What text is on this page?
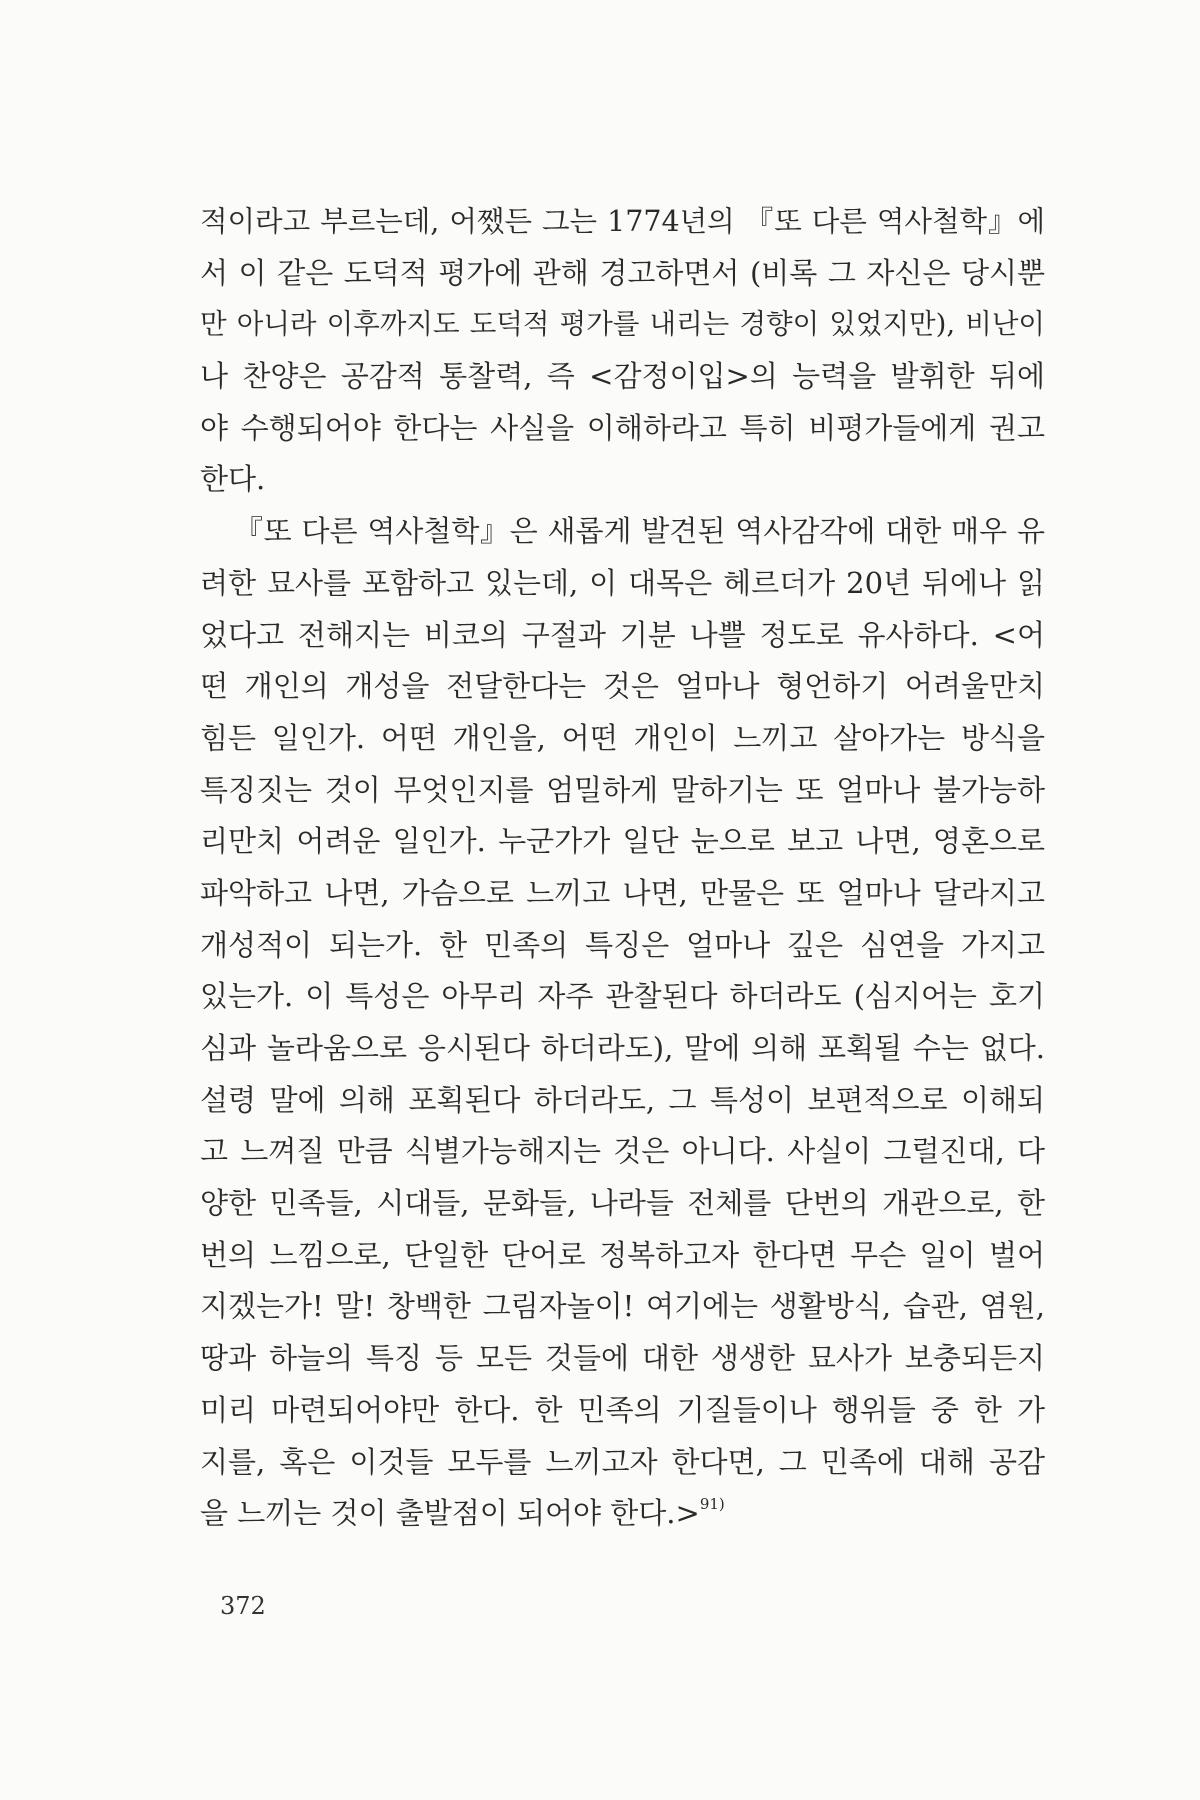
적이라고 부르는데, 어쨌든 그는 1774년의 『또 다른 역사철학』에
서 이 같은 도덕적 평가에 관해 경고하면서 (비록 그 자신은 당시뿐
만 아니라 이후까지도 도덕적 평가를 내리는 경향이 있었지만), 비난이
나 찬양은 공감적 통찰력, 즉 <감정이입>의 능력을 발휘한 뒤에
야 수행되어야 한다는 사실을 이해하라고 특히 비평가들에게 권고
한다.
『또 다른 역사철학』은 새롭게 발견된 역사감각에 대한 매우 유
려한 묘사를 포함하고 있는데, 이 대목은 헤르더가 20년 뒤에나 읽
었다고 전해지는 비코의 구절과 기분 나쁠 정도로 유사하다. <어
떤 개인의 개성을 전달한다는 것은 얼마나 형언하기 어려울만치
힘든 일인가. 어떤 개인을, 어떤 개인이 느끼고 살아가는 방식을
특징짓는 것이 무엇인지를 엄밀하게 말하기는 또 얼마나 불가능하
리만치 어려운 일인가. 누군가가 일단 눈으로 보고 나면, 영혼으로
파악하고 나면, 가슴으로 느끼고 나면, 만물은 또 얼마나 달라지고
개성적이 되는가. 한 민족의 특징은 얼마나 깊은 심연을 가지고
있는가. 이 특성은 아무리 자주 관찰된다 하더라도 (심지어는 호기
심과 놀라움으로 응시된다 하더라도), 말에 의해 포획될 수는 없다.
설령 말에 의해 포획된다 하더라도, 그 특성이 보편적으로 이해되
고 느껴질 만큼 식별가능해지는 것은 아니다. 사실이 그럴진대, 다
양한 민족들, 시대들, 문화들, 나라들 전체를 단번의 개관으로, 한
번의 느낌으로, 단일한 단어로 정복하고자 한다면 무슨 일이 벌어
지겠는가! 말! 창백한 그림자놀이! 여기에는 생활방식, 습관, 염원,
땅과 하늘의 특징 등 모든 것들에 대한 생생한 묘사가 보충되든지
미리 마련되어야만 한다. 한 민족의 기질들이나 행위들 중 한 가
지를, 혹은 이것들 모두를 느끼고자 한다면, 그 민족에 대해 공감
을 느끼는 것이 출발점이 되어야 한다.>$^{91)}$
372
